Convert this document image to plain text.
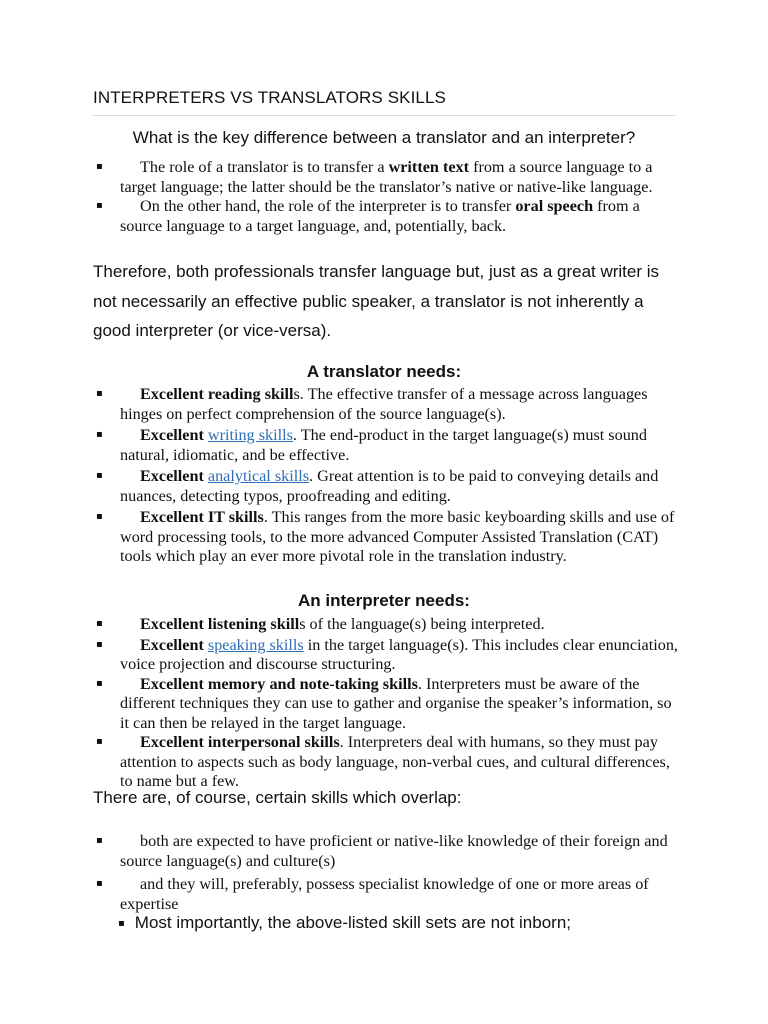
INTERPRETERS VS TRANSLATORS SKILLS
What is the key difference between a translator and an interpreter?
▪ The role of a translator is to transfer a written text from a source language to a target language; the latter should be the translator’s native or native-like language.
▪ On the other hand, the role of the interpreter is to transfer oral speech from a source language to a target language, and, potentially, back.
Therefore, both professionals transfer language but, just as a great writer is not necessarily an effective public speaker, a translator is not inherently a good interpreter (or vice-versa).
A translator needs:
▪ Excellent reading skills. The effective transfer of a message across languages hinges on perfect comprehension of the source language(s).
▪ Excellent writing skills. The end-product in the target language(s) must sound natural, idiomatic, and be effective.
▪ Excellent analytical skills. Great attention is to be paid to conveying details and nuances, detecting typos, proofreading and editing.
▪ Excellent IT skills. This ranges from the more basic keyboarding skills and use of word processing tools, to the more advanced Computer Assisted Translation (CAT) tools which play an ever more pivotal role in the translation industry.
An interpreter needs:
▪ Excellent listening skills of the language(s) being interpreted.
▪ Excellent speaking skills in the target language(s). This includes clear enunciation, voice projection and discourse structuring.
▪ Excellent memory and note-taking skills. Interpreters must be aware of the different techniques they can use to gather and organise the speaker’s information, so it can then be relayed in the target language.
▪ Excellent interpersonal skills. Interpreters deal with humans, so they must pay attention to aspects such as body language, non-verbal cues, and cultural differences, to name but a few.
There are, of course, certain skills which overlap:
▪ both are expected to have proficient or native-like knowledge of their foreign and source language(s) and culture(s)
▪ and they will, preferably, possess specialist knowledge of one or more areas of expertise
▪ Most importantly, the above-listed skill sets are not inborn;
